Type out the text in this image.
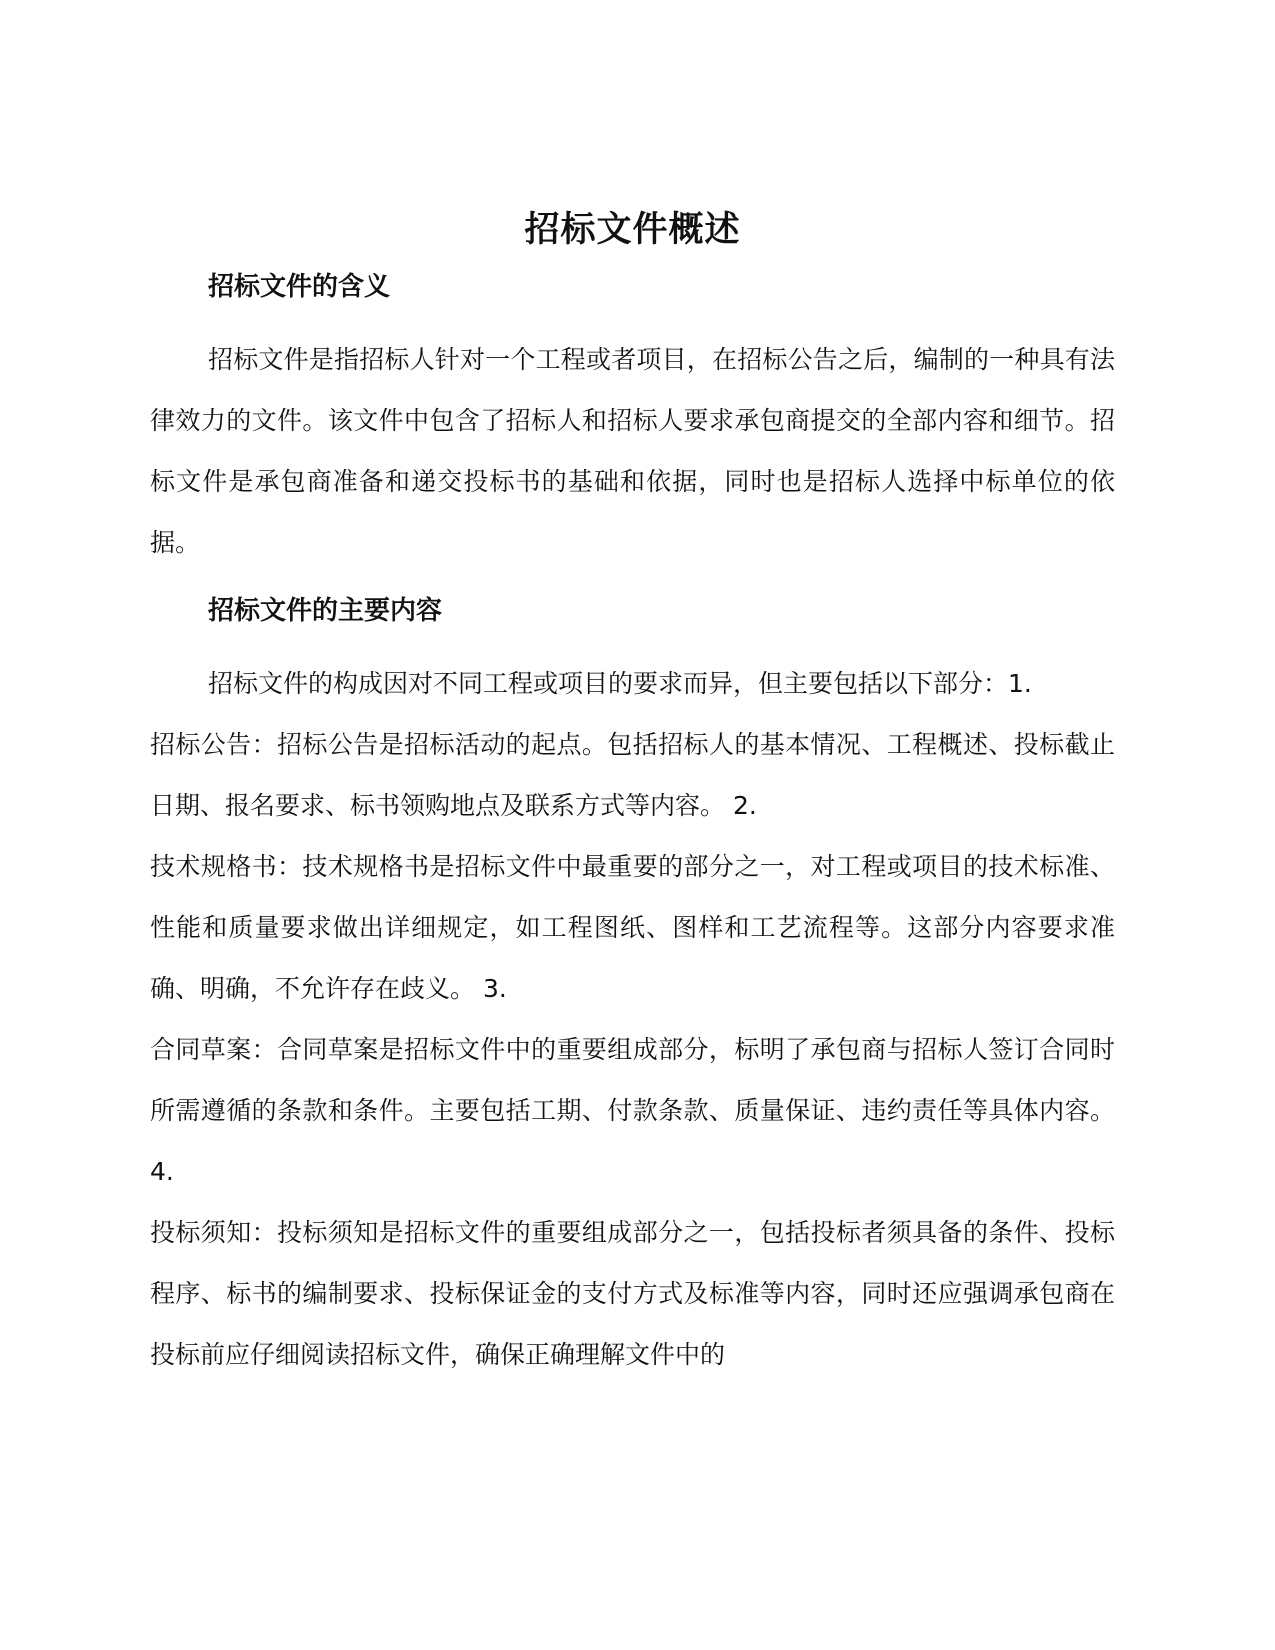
招标文件概述
招标文件的含义

招标文件是指招标人针对一个工程或者项目，在招标公告之后，编制的一种具有法律效力的文件。该文件中包含了招标人和招标人要求承包商提交的全部内容和细节。招标文件是承包商准备和递交投标书的基础和依据，同时也是招标人选择中标单位的依据。

招标文件的主要内容

招标文件的构成因对不同工程或项目的要求而异，但主要包括以下部分：1.

招标公告：招标公告是招标活动的起点。包括招标人的基本情况、工程概述、投标截止日期、报名要求、标书领购地点及联系方式等内容。 2.

技术规格书：技术规格书是招标文件中最重要的部分之一，对工程或项目的技术标准、性能和质量要求做出详细规定，如工程图纸、图样和工艺流程等。这部分内容要求准确、明确，不允许存在歧义。 3.

合同草案：合同草案是招标文件中的重要组成部分，标明了承包商与招标人签订合同时所需遵循的条款和条件。主要包括工期、付款条款、质量保证、违约责任等具体内容。 4.

投标须知：投标须知是招标文件的重要组成部分之一，包括投标者须具备的条件、投标程序、标书的编制要求、投标保证金的支付方式及标准等内容，同时还应强调承包商在投标前应仔细阅读招标文件，确保正确理解文件中的
